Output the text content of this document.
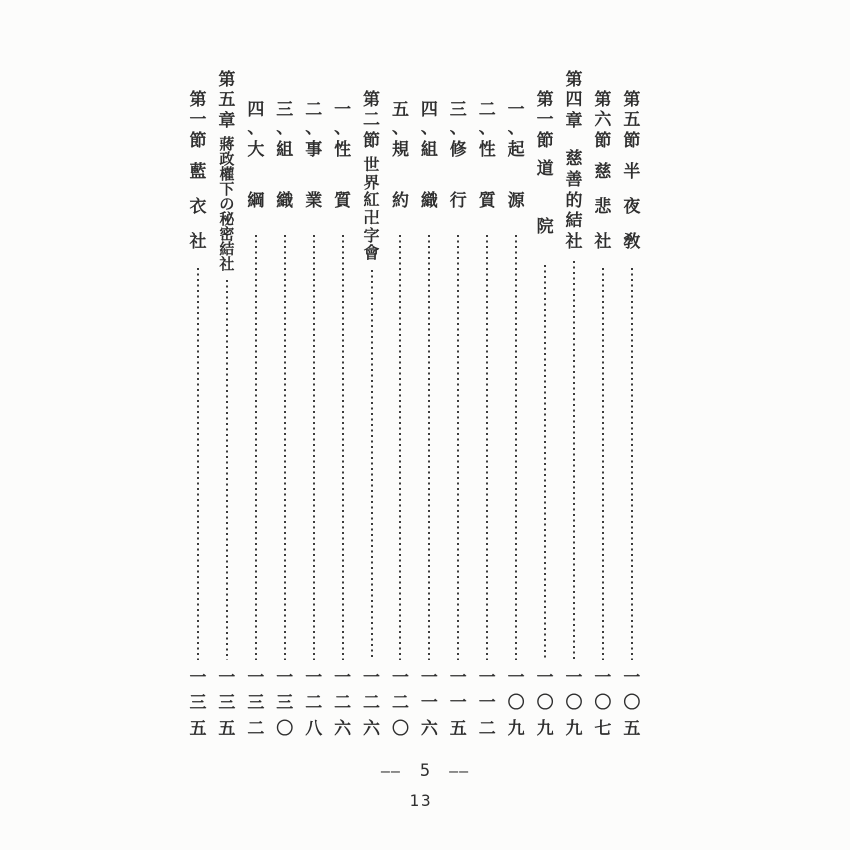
第五節
半夜敎
一〇五
第六節
慈悲社
一〇七
第四章
慈善的結社
一〇九
第一節
道院
一〇九
一、
起源
一〇九
二、
性質
一一二
三、
修行
一一五
四、
組織
一一六
五、
規約
一二〇
第二節
世界紅卍字會
一二六
一、
性質
一二六
二、
事業
一二八
三、
組織
一三〇
四、
大綱
一三二
第五章
蔣政權下の秘密結社
一三五
第一節
藍衣社
一三五
—— 5 ——
13
